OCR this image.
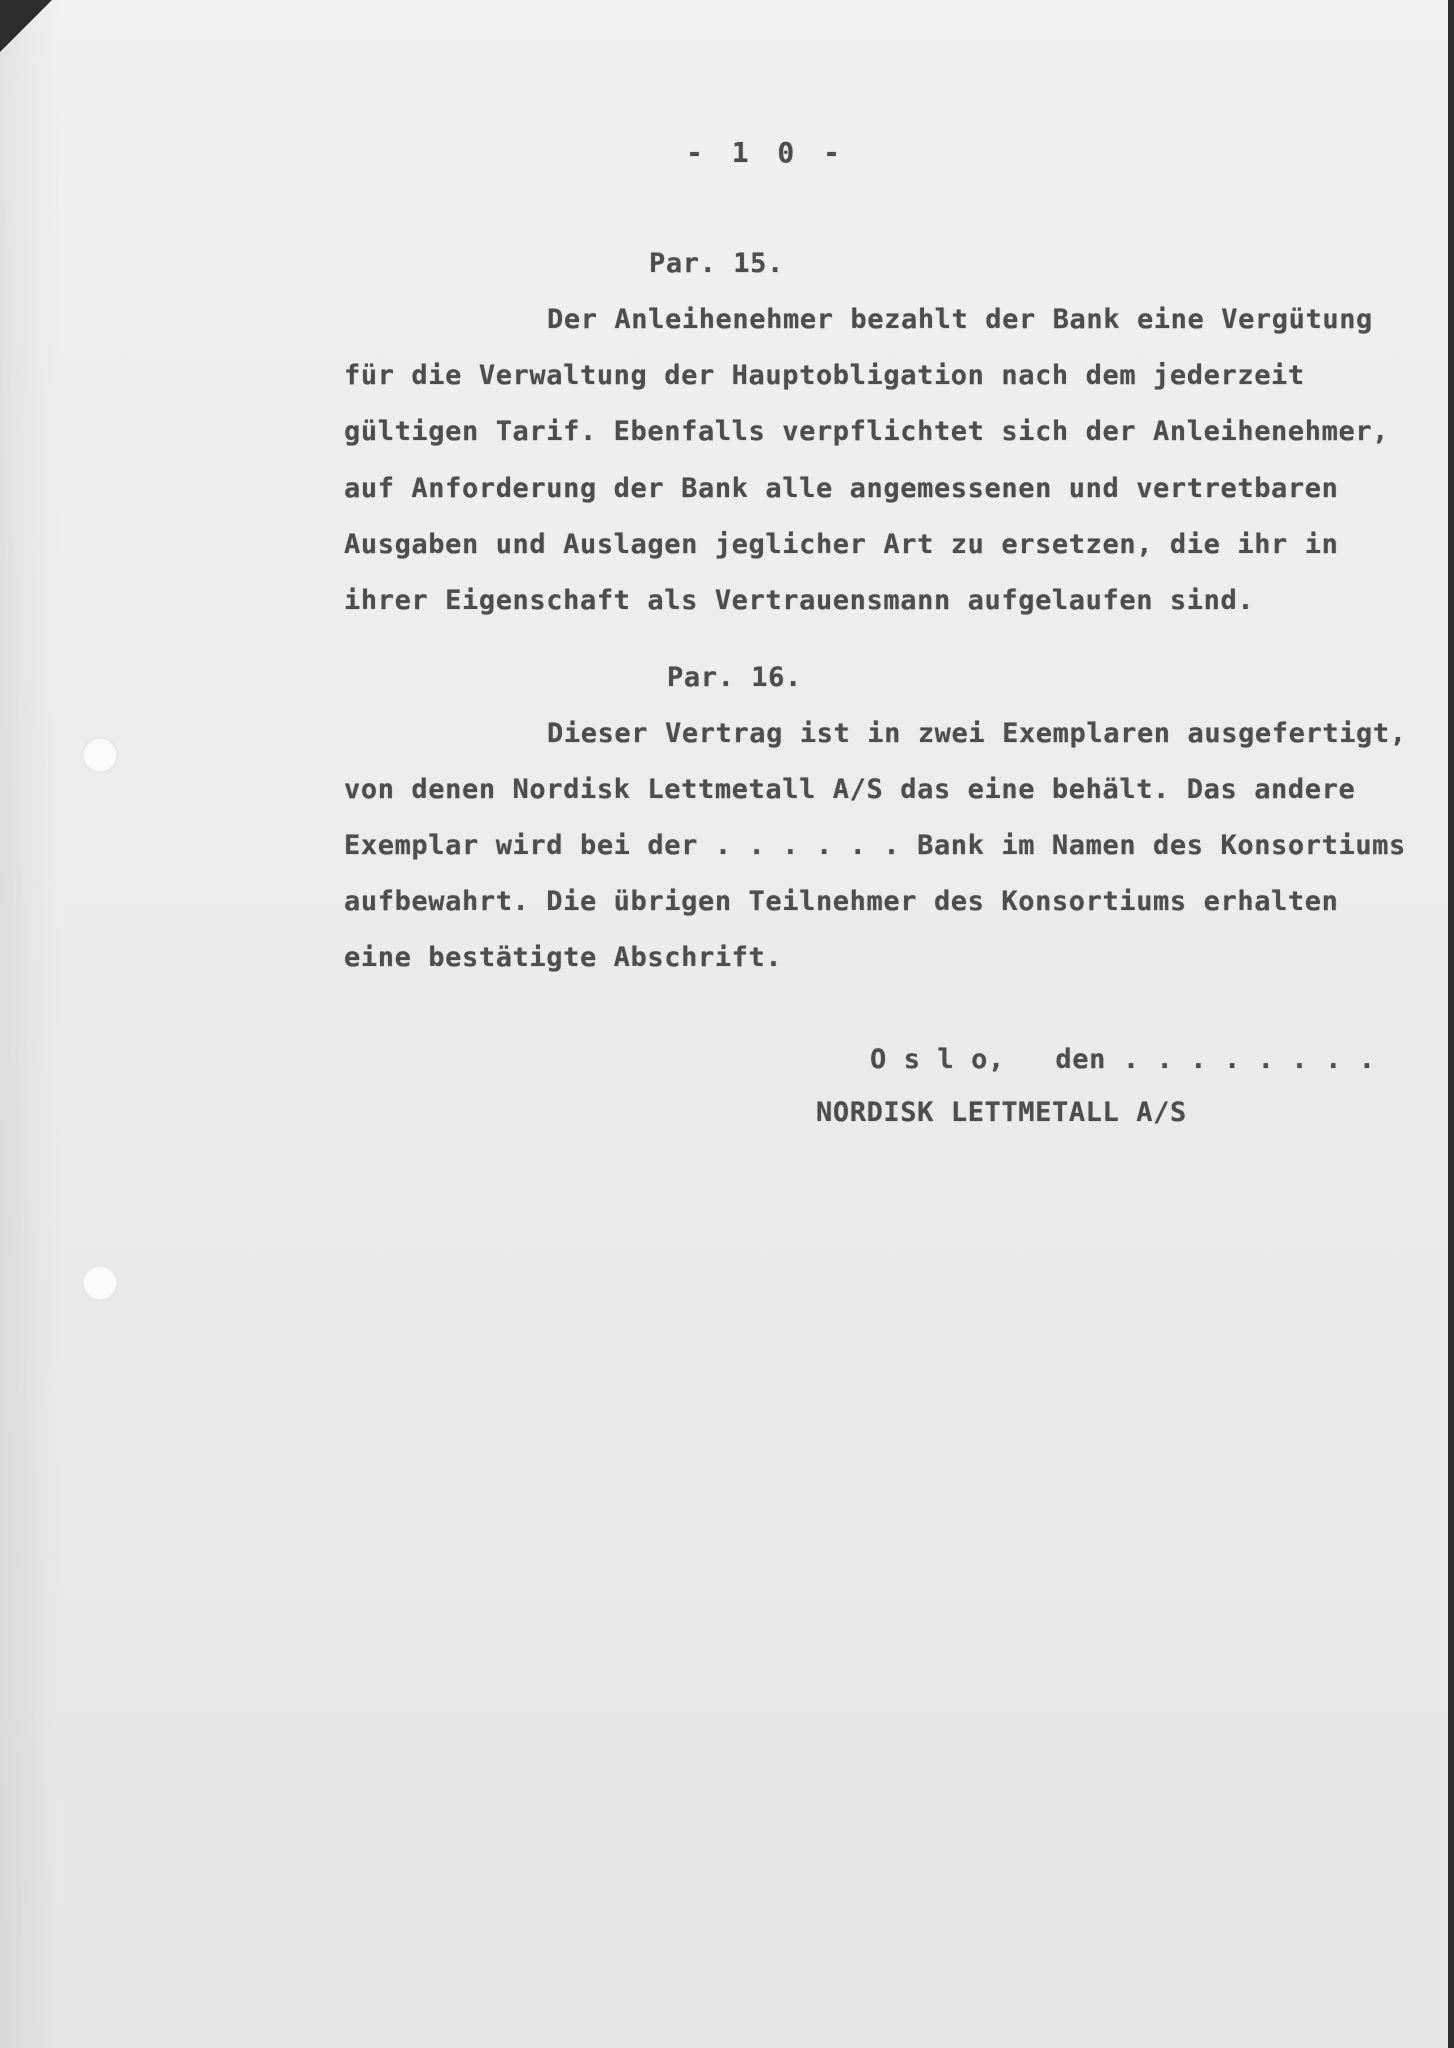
- 1 0 -
Par. 15.
Der Anleihenehmer bezahlt der Bank eine Vergütung
für die Verwaltung der Hauptobligation nach dem jederzeit
gültigen Tarif. Ebenfalls verpflichtet sich der Anleihenehmer,
auf Anforderung der Bank alle angemessenen und vertretbaren
Ausgaben und Auslagen jeglicher Art zu ersetzen, die ihr in
ihrer Eigenschaft als Vertrauensmann aufgelaufen sind.
Par. 16.
Dieser Vertrag ist in zwei Exemplaren ausgefertigt,
von denen Nordisk Lettmetall A/S das eine behält. Das andere
Exemplar wird bei der . . . . . . Bank im Namen des Konsortiums
aufbewahrt. Die übrigen Teilnehmer des Konsortiums erhalten
eine bestätigte Abschrift.
O s l o,   den . . . . . . . .
NORDISK LETTMETALL A/S
